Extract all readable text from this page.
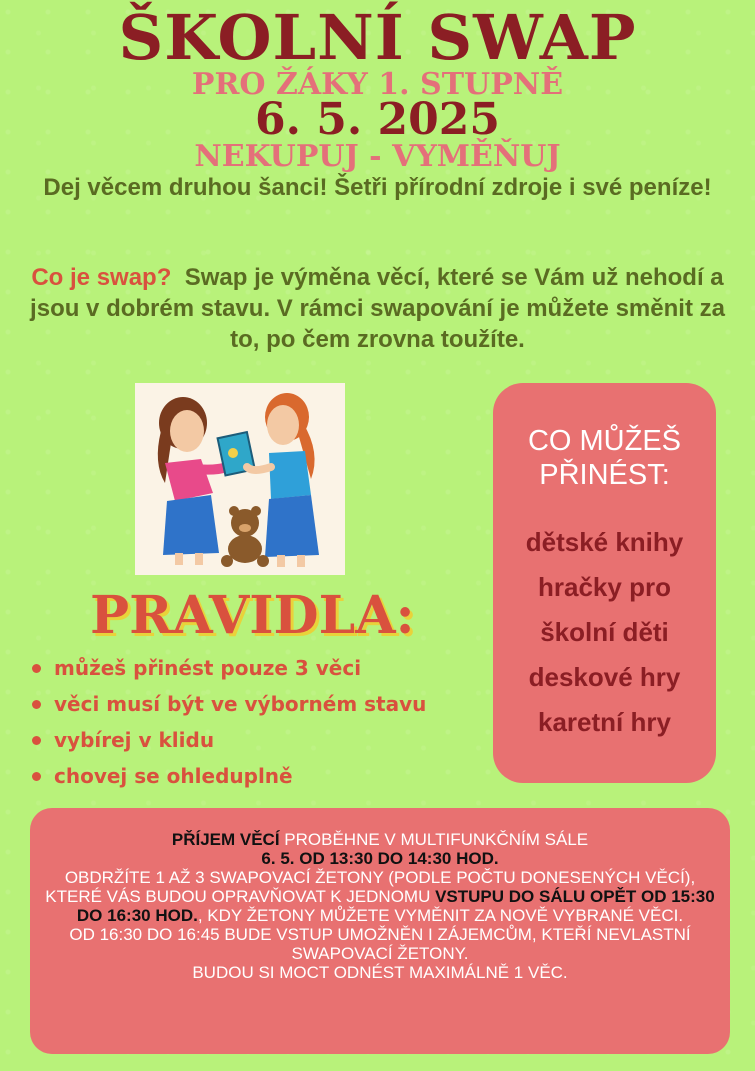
ŠKOLNÍ SWAP
PRO ŽÁKY 1. STUPNĚ
6. 5. 2025
NEKUPUJ - VYMĚŇUJ
Dej věcem druhou šanci! Šetři přírodní zdroje i své peníze!
Co je swap? Swap je výměna věcí, které se Vám už nehodí a jsou v dobrém stavu. V rámci swapování je můžete směnit za to, po čem zrovna toužíte.
PRAVIDLA:
můžeš přinést pouze 3 věci
věci musí být ve výborném stavu
vybírej v klidu
chovej se ohleduplně
CO MŮŽEŠ PŘINÉST:
dětské knihy
hračky pro školní děti
deskové hry
karetní hry
PŘÍJEM VĚCÍ PROBĚHNE V MULTIFUNKČNÍM SÁLE
6. 5. OD 13:30 DO 14:30 HOD.
OBDRŽÍTE 1 AŽ 3 SWAPOVACÍ ŽETONY (PODLE POČTU DONESENÝCH VĚCÍ), KTERÉ VÁS BUDOU OPRAVŇOVAT K JEDNOMU VSTUPU DO SÁLU OPĚT OD 15:30 DO 16:30 HOD., KDY ŽETONY MŮŽETE VYMĚNIT ZA NOVĚ VYBRANÉ VĚCI.
OD 16:30 DO 16:45 BUDE VSTUP UMOŽNĚN I ZÁJEMCŮM, KTEŘÍ NEVLASTNÍ SWAPOVACÍ ŽETONY.
BUDOU SI MOCT ODNÉST MAXIMÁLNĚ 1 VĚC.
